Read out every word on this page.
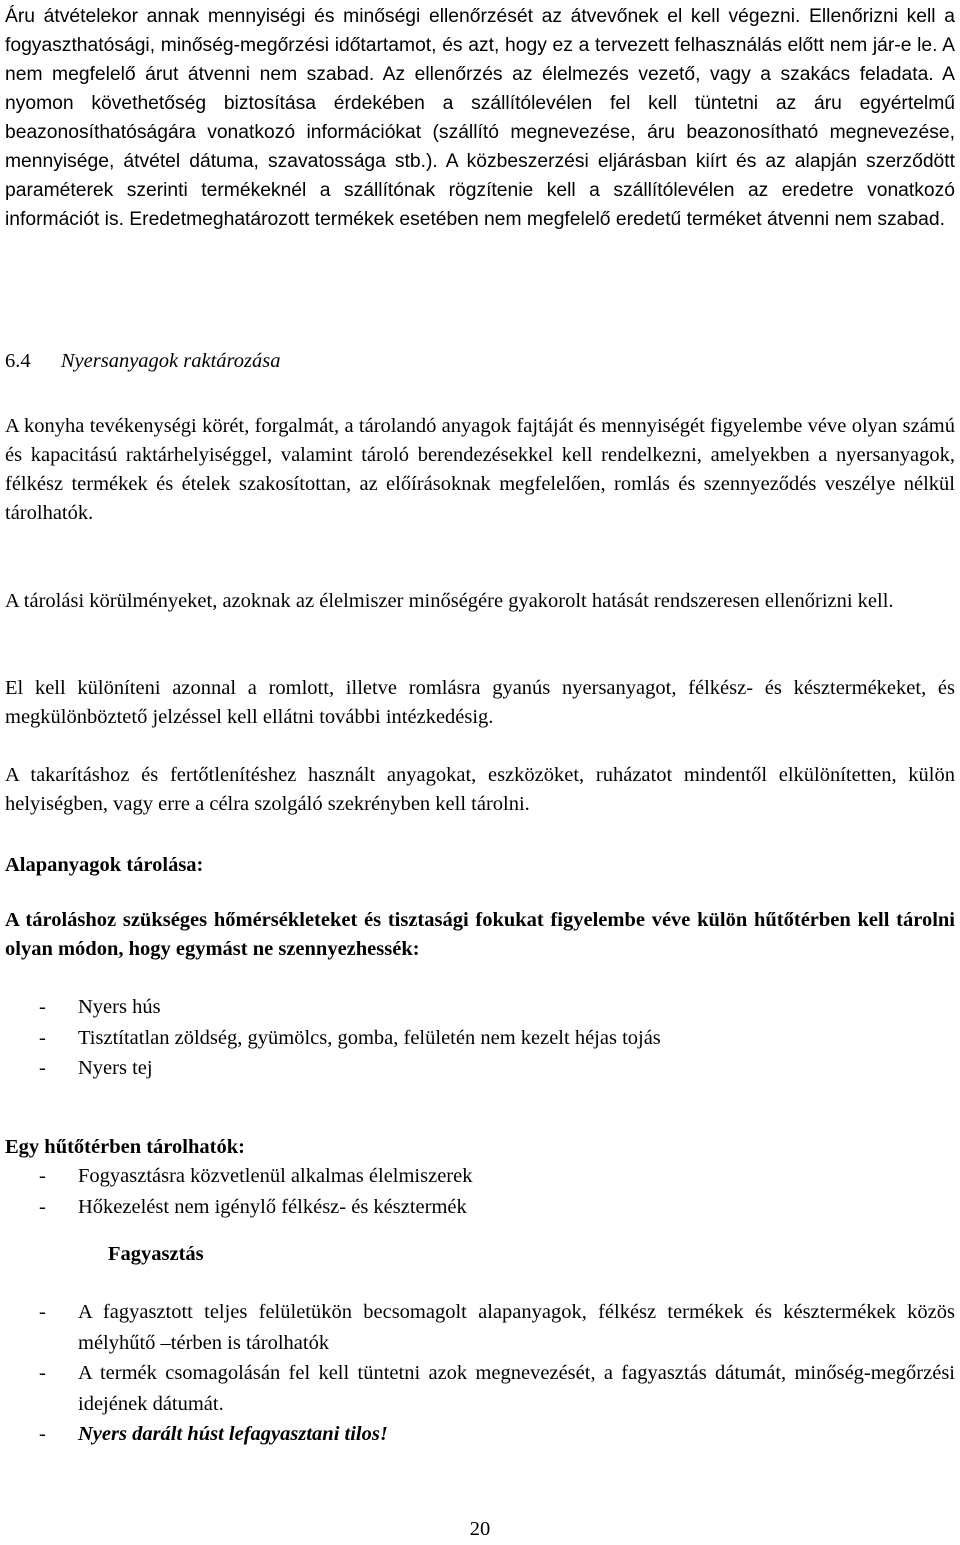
Áru átvételekor annak mennyiségi és minőségi ellenőrzését az átvevőnek el kell végezni. Ellenőrizni kell a fogyaszthatósági, minőség-megőrzési időtartamot, és azt, hogy ez a tervezett felhasználás előtt nem jár-e le. A nem megfelelő árut átvenni nem szabad. Az ellenőrzés az élelmezés vezető, vagy a szakács feladata. A nyomon követhetőség biztosítása érdekében a szállítólevélen fel kell tüntetni az áru egyértelmű beazonosíthatóságára vonatkozó információkat (szállító megnevezése, áru beazonosítható megnevezése, mennyisége, átvétel dátuma, szavatossága stb.). A közbeszerzési eljárásban kiírt és az alapján szerződött paraméterek szerinti termékeknél a szállítónak rögzítenie kell a szállítólevélen az eredetre vonatkozó információt is. Eredetmeghatározott termékek esetében nem megfelelő eredetű terméket átvenni nem szabad.

6.4 Nyersanyagok raktározása

A konyha tevékenységi körét, forgalmát, a tárolandó anyagok fajtáját és mennyiségét figyelembe véve olyan számú és kapacitású raktárhelyiséggel, valamint tároló berendezésekkel kell rendelkezni, amelyekben a nyersanyagok, félkész termékek és ételek szakosítottan, az előírásoknak megfelelően, romlás és szennyeződés veszélye nélkül tárolhatók.

A tárolási körülményeket, azoknak az élelmiszer minőségére gyakorolt hatását rendszeresen ellenőrizni kell.

El kell különíteni azonnal a romlott, illetve romlásra gyanús nyersanyagot, félkész- és késztermékeket, és megkülönböztető jelzéssel kell ellátni további intézkedésig.

A takarításhoz és fertőtlenítéshez használt anyagokat, eszközöket, ruházatot mindentől elkülönítetten, külön helyiségben, vagy erre a célra szolgáló szekrényben kell tárolni.

Alapanyagok tárolása:

A tároláshoz szükséges hőmérsékleteket és tisztasági fokukat figyelembe véve külön hűtőtérben kell tárolni olyan módon, hogy egymást ne szennyezhessék:

- Nyers hús
- Tisztítatlan zöldség, gyümölcs, gomba, felületén nem kezelt héjas tojás
- Nyers tej
Egy hűtőtérben tárolhatók:
- Fogyasztásra közvetlenül alkalmas élelmiszerek
- Hőkezelést nem igénylő félkész- és késztermék
Fagyasztás
- A fagyasztott teljes felületükön becsomagolt alapanyagok, félkész termékek és késztermékek közös mélyhűtő –térben is tárolhatók
- A termék csomagolásán fel kell tüntetni azok megnevezését, a fagyasztás dátumát, minőség-megőrzési idejének dátumát.
- Nyers darált húst lefagyasztani tilos!
20
